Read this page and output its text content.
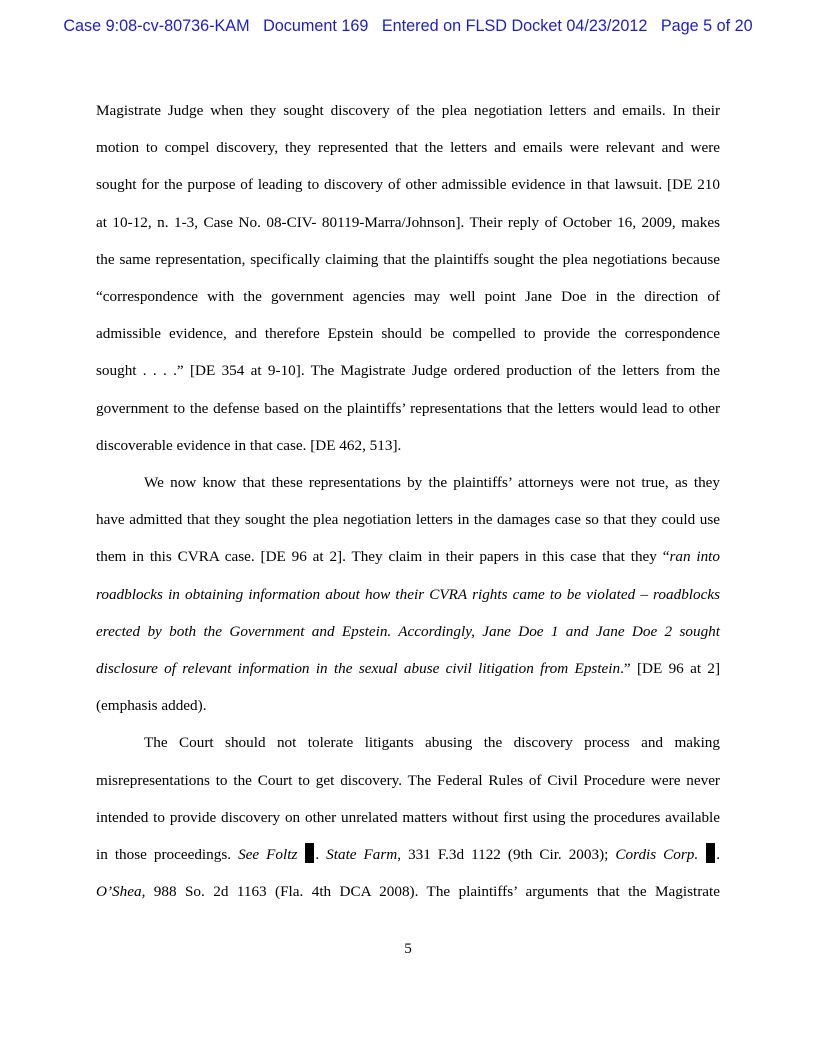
Case 9:08-cv-80736-KAM Document 169 Entered on FLSD Docket 04/23/2012 Page 5 of 20

Magistrate Judge when they sought discovery of the plea negotiation letters and emails. In their

motion to compel discovery, they represented that the letters and emails were relevant and were

sought for the purpose of leading to discovery of other admissible evidence in that lawsuit. [DE 210

at 10-12, n. 1-3, Case No. 08-CIV- 80119-Marra/Johnson]. Their reply of October 16, 2009, makes

the same representation, specifically claiming that the plaintiffs sought the plea negotiations because

“correspondence with the government agencies may well point Jane Doe in the direction of

admissible evidence, and therefore Epstein should be compelled to provide the correspondence

sought . . . .” [DE 354 at 9-10]. The Magistrate Judge ordered production of the letters from the

government to the defense based on the plaintiffs’ representations that the letters would lead to other

discoverable evidence in that case. [DE 462, 513].

We now know that these representations by the plaintiffs’ attorneys were not true, as they

have admitted that they sought the plea negotiation letters in the damages case so that they could use

them in this CVRA case. [DE 96 at 2]. They claim in their papers in this case that they “ran into

roadblocks in obtaining information about how their CVRA rights came to be violated – roadblocks

erected by both the Government and Epstein. Accordingly, Jane Doe 1 and Jane Doe 2 sought

disclosure of relevant information in the sexual abuse civil litigation from Epstein.” [DE 96 at 2]

(emphasis added).

The Court should not tolerate litigants abusing the discovery process and making

misrepresentations to the Court to get discovery. The Federal Rules of Civil Procedure were never

intended to provide discovery on other unrelated matters without first using the procedures available

in those proceedings. See Foltz . State Farm, 331 F.3d 1122 (9th Cir. 2003); Cordis Corp. .

O’Shea, 988 So. 2d 1163 (Fla. 4th DCA 2008). The plaintiffs’ arguments that the Magistrate

5
